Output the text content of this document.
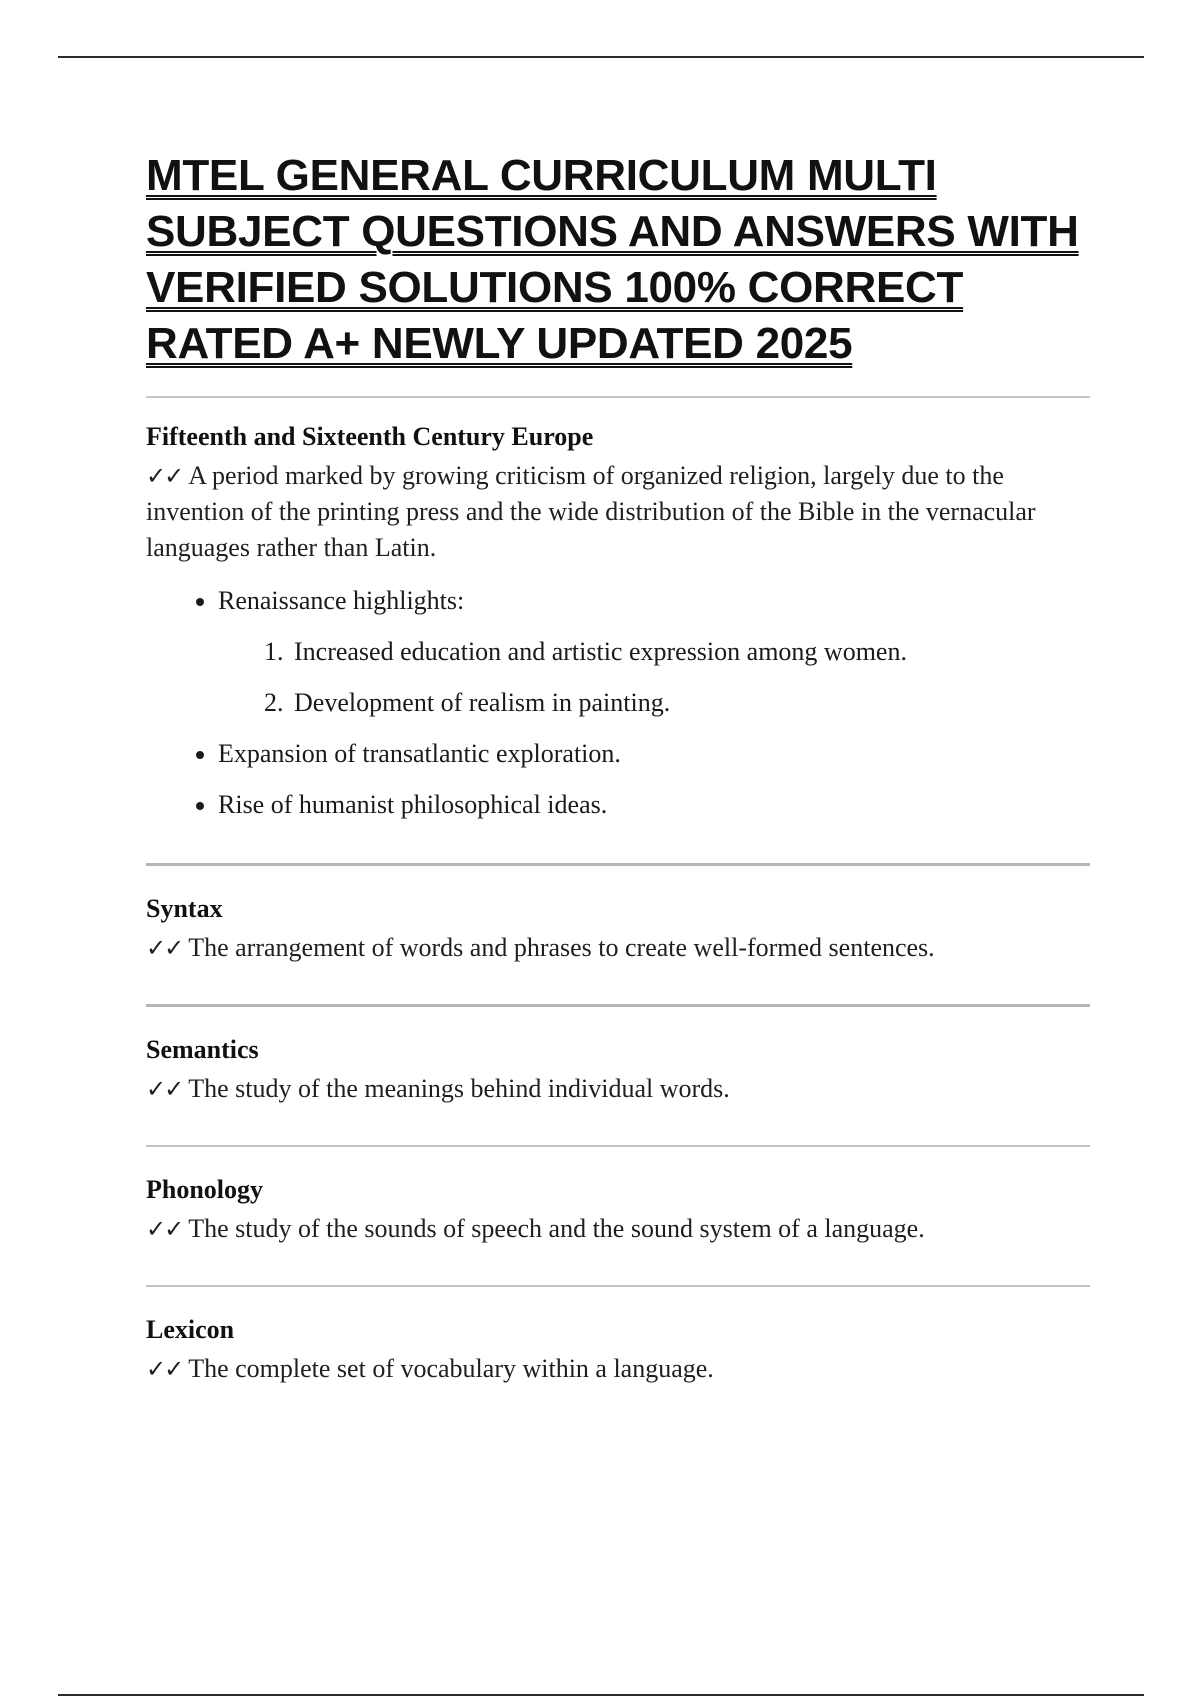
MTEL GENERAL CURRICULUM MULTI SUBJECT QUESTIONS AND ANSWERS WITH VERIFIED SOLUTIONS 100% CORRECT RATED A+ NEWLY UPDATED 2025

Fifteenth and Sixteenth Century Europe

✓✓ A period marked by growing criticism of organized religion, largely due to the invention of the printing press and the wide distribution of the Bible in the vernacular languages rather than Latin.

• Renaissance highlights:
1. Increased education and artistic expression among women.
2. Development of realism in painting.
• Expansion of transatlantic exploration.
• Rise of humanist philosophical ideas.

Syntax

✓✓ The arrangement of words and phrases to create well-formed sentences.

Semantics

✓✓ The study of the meanings behind individual words.

Phonology

✓✓ The study of the sounds of speech and the sound system of a language.

Lexicon

✓✓ The complete set of vocabulary within a language.
